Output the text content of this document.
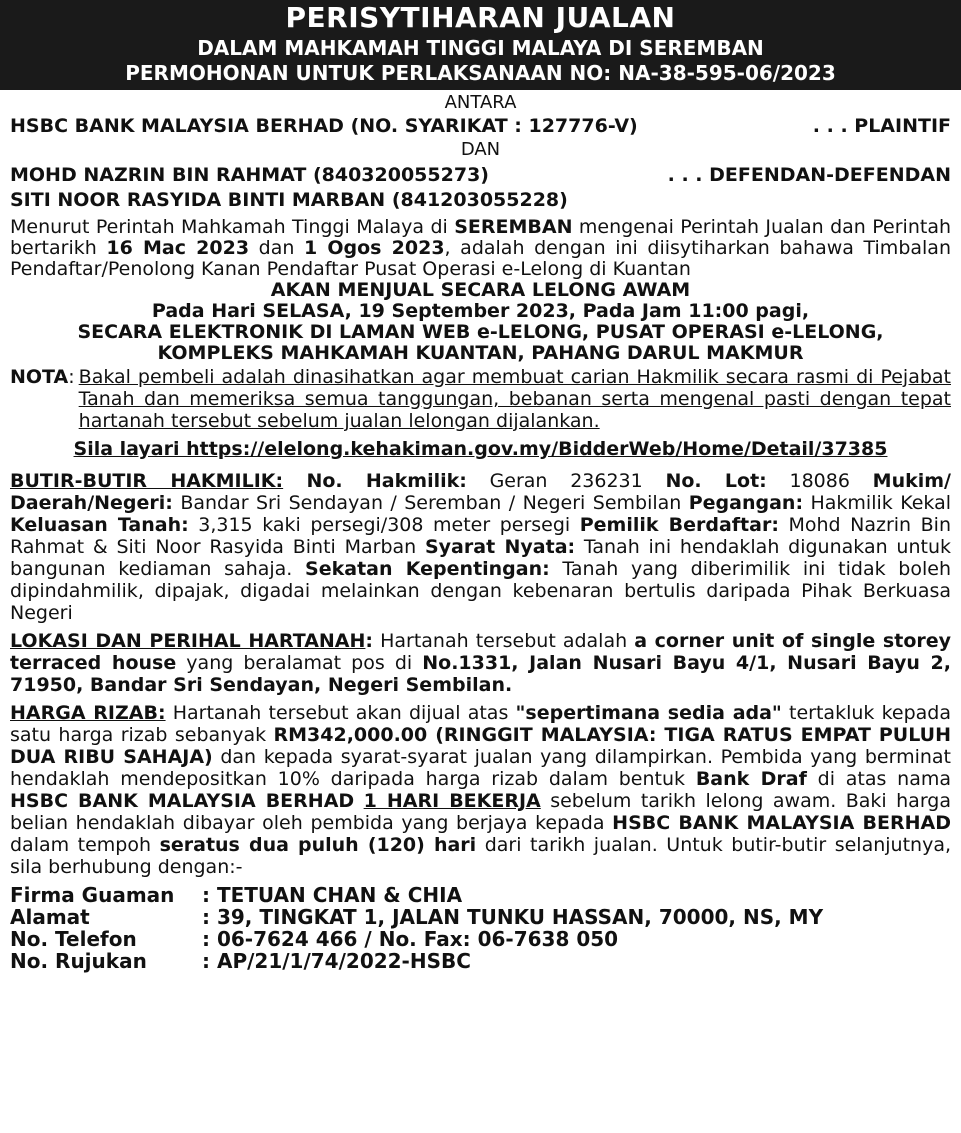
PERISYTIHARAN JUALAN
DALAM MAHKAMAH TINGGI MALAYA DI SEREMBAN
PERMOHONAN UNTUK PERLAKSANAAN NO: NA-38-595-06/2023
ANTARA
HSBC BANK MALAYSIA BERHAD (NO. SYARIKAT : 127776-V)	. . . PLAINTIF
DAN
MOHD NAZRIN BIN RAHMAT (840320055273)	. . . DEFENDAN-DEFENDAN
SITI NOOR RASYIDA BINTI MARBAN (841203055228)
Menurut Perintah Mahkamah Tinggi Malaya di SEREMBAN mengenai Perintah Jualan dan Perintah bertarikh 16 Mac 2023 dan 1 Ogos 2023, adalah dengan ini diisytiharkan bahawa Timbalan Pendaftar/Penolong Kanan Pendaftar Pusat Operasi e-Lelong di Kuantan
AKAN MENJUAL SECARA LELONG AWAM
Pada Hari SELASA, 19 September 2023, Pada Jam 11:00 pagi,
SECARA ELEKTRONIK DI LAMAN WEB e-LELONG, PUSAT OPERASI e-LELONG,
KOMPLEKS MAHKAMAH KUANTAN, PAHANG DARUL MAKMUR
NOTA : Bakal pembeli adalah dinasihatkan agar membuat carian Hakmilik secara rasmi di Pejabat Tanah dan memeriksa semua tanggungan, bebanan serta mengenal pasti dengan tepat hartanah tersebut sebelum jualan lelongan dijalankan.
Sila layari https://elelong.kehakiman.gov.my/BidderWeb/Home/Detail/37385
BUTIR-BUTIR HAKMILIK: No. Hakmilik: Geran 236231 No. Lot: 18086 Mukim/ Daerah/Negeri: Bandar Sri Sendayan / Seremban / Negeri Sembilan Pegangan: Hakmilik Kekal Keluasan Tanah: 3,315 kaki persegi/308 meter persegi Pemilik Berdaftar: Mohd Nazrin Bin Rahmat & Siti Noor Rasyida Binti Marban Syarat Nyata: Tanah ini hendaklah digunakan untuk bangunan kediaman sahaja. Sekatan Kepentingan: Tanah yang diberimilik ini tidak boleh dipindahmilik, dipajak, digadai melainkan dengan kebenaran bertulis daripada Pihak Berkuasa Negeri
LOKASI DAN PERIHAL HARTANAH: Hartanah tersebut adalah a corner unit of single storey terraced house yang beralamat pos di No.1331, Jalan Nusari Bayu 4/1, Nusari Bayu 2, 71950, Bandar Sri Sendayan, Negeri Sembilan.
HARGA RIZAB: Hartanah tersebut akan dijual atas "sepertimana sedia ada" tertakluk kepada satu harga rizab sebanyak RM342,000.00 (RINGGIT MALAYSIA: TIGA RATUS EMPAT PULUH DUA RIBU SAHAJA) dan kepada syarat-syarat jualan yang dilampirkan. Pembida yang berminat hendaklah mendepositkan 10% daripada harga rizab dalam bentuk Bank Draf di atas nama HSBC BANK MALAYSIA BERHAD 1 HARI BEKERJA sebelum tarikh lelong awam. Baki harga belian hendaklah dibayar oleh pembida yang berjaya kepada HSBC BANK MALAYSIA BERHAD dalam tempoh seratus dua puluh (120) hari dari tarikh jualan. Untuk butir-butir selanjutnya, sila berhubung dengan:-
Firma Guaman	: TETUAN CHAN & CHIA
Alamat	: 39, TINGKAT 1, JALAN TUNKU HASSAN, 70000, NS, MY
No. Telefon	: 06-7624 466 / No. Fax: 06-7638 050
No. Rujukan	: AP/21/1/74/2022-HSBC
